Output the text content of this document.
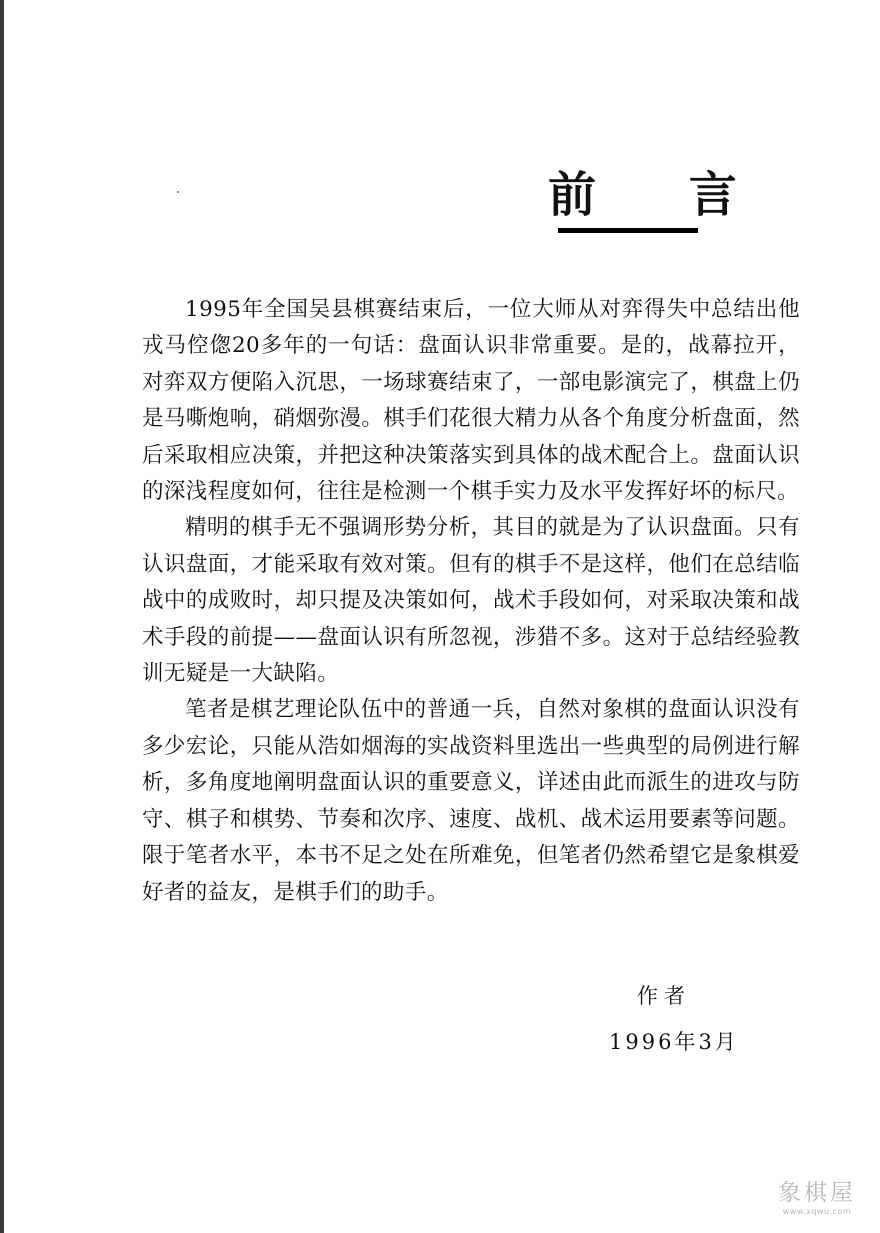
前 言

1995年全国吴县棋赛结束后，一位大师从对弈得失中总结出他戎马倥偬20多年的一句话：盘面认识非常重要。是的，战幕拉开，对弈双方便陷入沉思，一场球赛结束了，一部电影演完了，棋盘上仍是马嘶炮响，硝烟弥漫。棋手们花很大精力从各个角度分析盘面，然后采取相应决策，并把这种决策落实到具体的战术配合上。盘面认识的深浅程度如何，往往是检测一个棋手实力及水平发挥好坏的标尺。

精明的棋手无不强调形势分析，其目的就是为了认识盘面。只有认识盘面，才能采取有效对策。但有的棋手不是这样，他们在总结临战中的成败时，却只提及决策如何，战术手段如何，对采取决策和战术手段的前提——盘面认识有所忽视，涉猎不多。这对于总结经验教训无疑是一大缺陷。

笔者是棋艺理论队伍中的普通一兵，自然对象棋的盘面认识没有多少宏论，只能从浩如烟海的实战资料里选出一些典型的局例进行解析，多角度地阐明盘面认识的重要意义，详述由此而派生的进攻与防守、棋子和棋势、节奏和次序、速度、战机、战术运用要素等问题。限于笔者水平，本书不足之处在所难免，但笔者仍然希望它是象棋爱好者的益友，是棋手们的助手。

作者
1996年3月
象棋屋
www.xqwu.com
